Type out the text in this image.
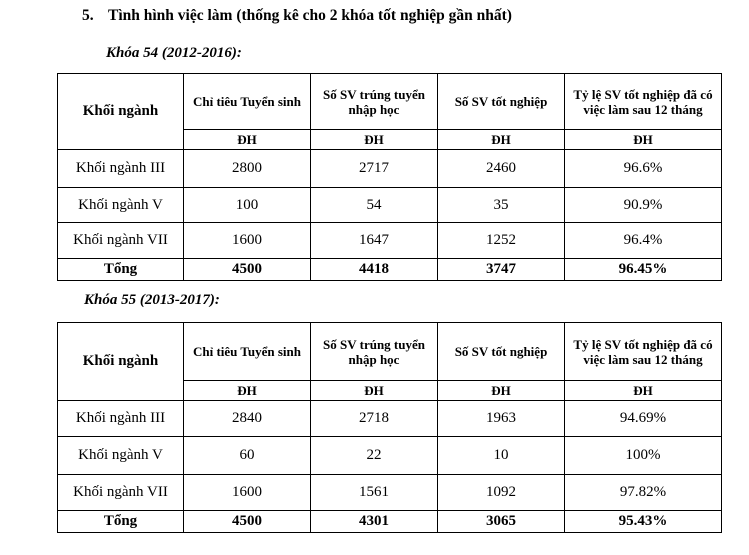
5. Tình hình việc làm (thống kê cho 2 khóa tốt nghiệp gần nhất)
Khóa 54 (2012-2016):
Khối ngành	Chỉ tiêu Tuyển sinh	Số SV trúng tuyển nhập học	Số SV tốt nghiệp	Tỷ lệ SV tốt nghiệp đã có việc làm sau 12 tháng
	ĐH	ĐH	ĐH	ĐH
Khối ngành III	2800	2717	2460	96.6%
Khối ngành V	100	54	35	90.9%
Khối ngành VII	1600	1647	1252	96.4%
Tổng	4500	4418	3747	96.45%
Khóa 55 (2013-2017):
Khối ngành	Chỉ tiêu Tuyển sinh	Số SV trúng tuyển nhập học	Số SV tốt nghiệp	Tỷ lệ SV tốt nghiệp đã có việc làm sau 12 tháng
	ĐH	ĐH	ĐH	ĐH
Khối ngành III	2840	2718	1963	94.69%
Khối ngành V	60	22	10	100%
Khối ngành VII	1600	1561	1092	97.82%
Tổng	4500	4301	3065	95.43%
